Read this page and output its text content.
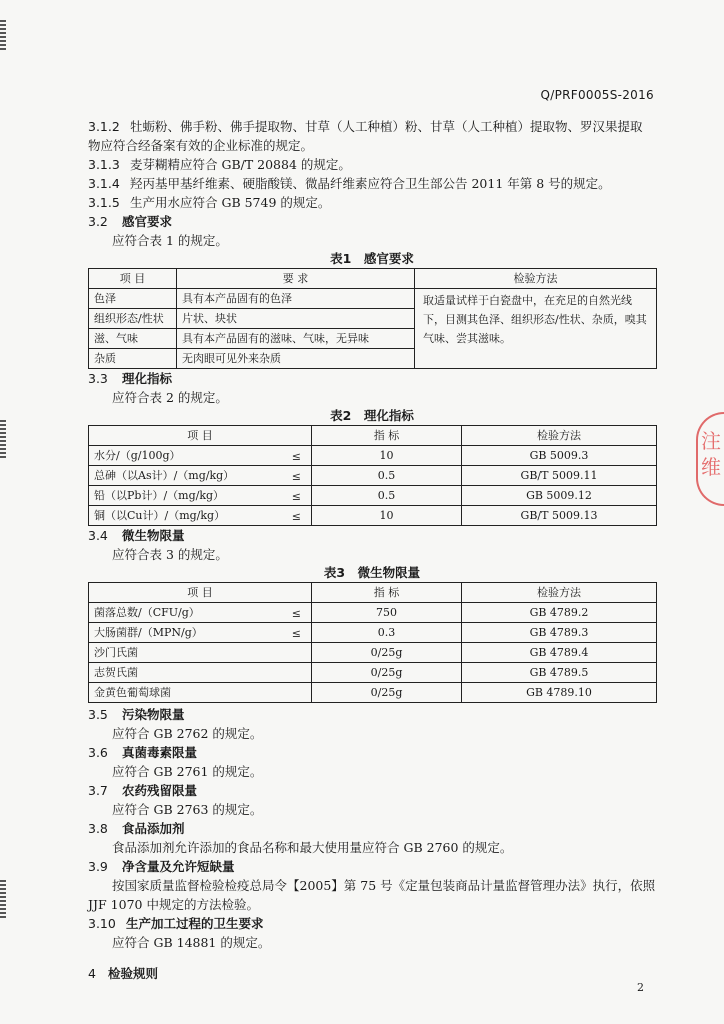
Q/PRF0005S-2016
注维
3.1.2 牡蛎粉、佛手粉、佛手提取物、甘草（人工种植）粉、甘草（人工种植）提取物、罗汉果提取
物应符合经备案有效的企业标准的规定。
3.1.3 麦芽糊精应符合 GB/T 20884 的规定。
3.1.4 羟丙基甲基纤维素、硬脂酸镁、微晶纤维素应符合卫生部公告 2011 年第 8 号的规定。
3.1.5 生产用水应符合 GB 5749 的规定。
3.2 感官要求
应符合表 1 的规定。
表1　感官要求
项 目	要 求	检验方法
色泽	具有本产品固有的色泽	取适量试样于白瓷盘中，在充足的自然光线下，目测其色泽、组织形态/性状、杂质，嗅其气味、尝其滋味。
组织形态/性状	片状、块状	
滋、气味	具有本产品固有的滋味、气味，无异味	
杂质	无肉眼可见外来杂质	
3.3 理化指标
应符合表 2 的规定。
表2　理化指标
项 目	指 标	检验方法
水分/（g/100g） ≤	10	GB 5009.3
总砷（以As计）/（mg/kg） ≤	0.5	GB/T 5009.11
铅（以Pb计）/（mg/kg） ≤	0.5	GB 5009.12
铜（以Cu计）/（mg/kg） ≤	10	GB/T 5009.13
3.4 微生物限量
应符合表 3 的规定。
表3　微生物限量
项 目	指 标	检验方法
菌落总数/（CFU/g） ≤	750	GB 4789.2
大肠菌群/（MPN/g） ≤	0.3	GB 4789.3
沙门氏菌	0/25g	GB 4789.4
志贺氏菌	0/25g	GB 4789.5
金黄色葡萄球菌	0/25g	GB 4789.10
3.5 污染物限量
应符合 GB 2762 的规定。
3.6 真菌毒素限量
应符合 GB 2761 的规定。
3.7 农药残留限量
应符合 GB 2763 的规定。
3.8 食品添加剂
食品添加剂允许添加的食品名称和最大使用量应符合 GB 2760 的规定。
3.9 净含量及允许短缺量
按国家质量监督检验检疫总局令【2005】第 75 号《定量包装商品计量监督管理办法》执行，依照 JJF 1070 中规定的方法检验。
3.10 生产加工过程的卫生要求
应符合 GB 14881 的规定。
4 检验规则
2
